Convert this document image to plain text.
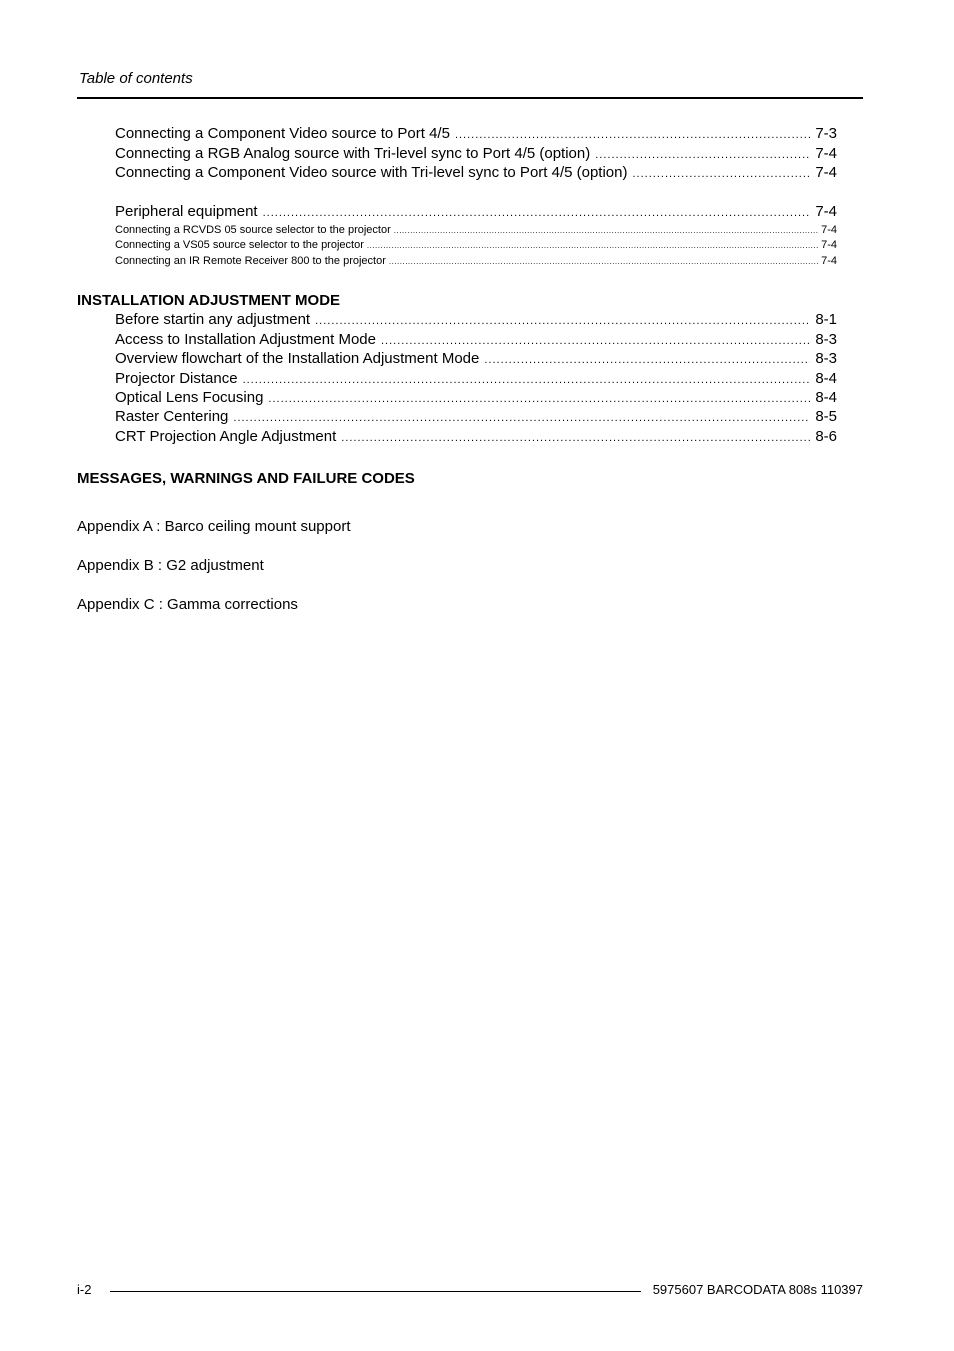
Table of contents
Connecting a Component Video source to Port 4/5 .....	7-3
Connecting a RGB Analog source with Tri-level sync to Port 4/5 (option) .....	7-4
Connecting a Component Video source with Tri-level sync to Port 4/5 (option) .....	7-4
Peripheral equipment .....	7-4
Connecting a RCVDS 05 source selector to the projector .....	7-4
Connecting a VS05 source selector to the projector .....	7-4
Connecting an IR Remote Receiver 800 to the projector .....	7-4
INSTALLATION ADJUSTMENT MODE
Before startin any adjustment .....	8-1
Access to Installation Adjustment Mode .....	8-3
Overview flowchart of the Installation Adjustment Mode .....	8-3
Projector Distance .....	8-4
Optical Lens Focusing .....	8-4
Raster Centering .....	8-5
CRT Projection Angle Adjustment .....	8-6
MESSAGES, WARNINGS AND FAILURE CODES
Appendix A : Barco ceiling mount support
Appendix B : G2 adjustment
Appendix C : Gamma corrections
i-2	5975607 BARCODATA 808s 110397
